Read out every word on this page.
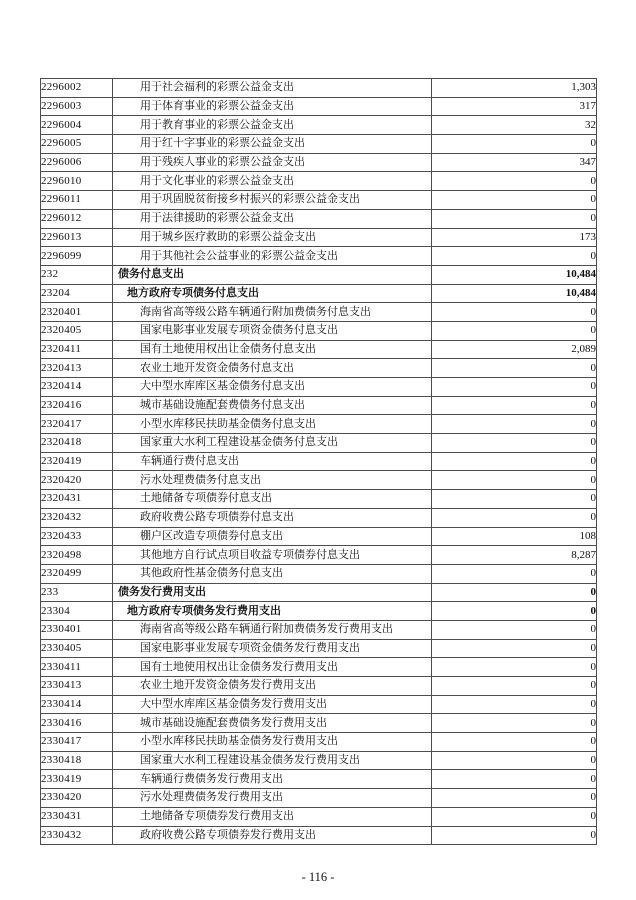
2296002	用于社会福利的彩票公益金支出	1,303
2296003	用于体育事业的彩票公益金支出	317
2296004	用于教育事业的彩票公益金支出	32
2296005	用于红十字事业的彩票公益金支出	0
2296006	用于残疾人事业的彩票公益金支出	347
2296010	用于文化事业的彩票公益金支出	0
2296011	用于巩固脱贫衔接乡村振兴的彩票公益金支出	0
2296012	用于法律援助的彩票公益金支出	0
2296013	用于城乡医疗救助的彩票公益金支出	173
2296099	用于其他社会公益事业的彩票公益金支出	0
232	债务付息支出	10,484
23204	地方政府专项债务付息支出	10,484
2320401	海南省高等级公路车辆通行附加费债务付息支出	0
2320405	国家电影事业发展专项资金债务付息支出	0
2320411	国有土地使用权出让金债务付息支出	2,089
2320413	农业土地开发资金债务付息支出	0
2320414	大中型水库库区基金债务付息支出	0
2320416	城市基础设施配套费债务付息支出	0
2320417	小型水库移民扶助基金债务付息支出	0
2320418	国家重大水利工程建设基金债务付息支出	0
2320419	车辆通行费付息支出	0
2320420	污水处理费债务付息支出	0
2320431	土地储备专项债券付息支出	0
2320432	政府收费公路专项债券付息支出	0
2320433	棚户区改造专项债券付息支出	108
2320498	其他地方自行试点项目收益专项债券付息支出	8,287
2320499	其他政府性基金债务付息支出	0
233	债务发行费用支出	0
23304	地方政府专项债务发行费用支出	0
2330401	海南省高等级公路车辆通行附加费债务发行费用支出	0
2330405	国家电影事业发展专项资金债务发行费用支出	0
2330411	国有土地使用权出让金债务发行费用支出	0
2330413	农业土地开发资金债务发行费用支出	0
2330414	大中型水库库区基金债务发行费用支出	0
2330416	城市基础设施配套费债务发行费用支出	0
2330417	小型水库移民扶助基金债务发行费用支出	0
2330418	国家重大水利工程建设基金债务发行费用支出	0
2330419	车辆通行费债务发行费用支出	0
2330420	污水处理费债务发行费用支出	0
2330431	土地储备专项债券发行费用支出	0
2330432	政府收费公路专项债券发行费用支出	0
- 116 -
